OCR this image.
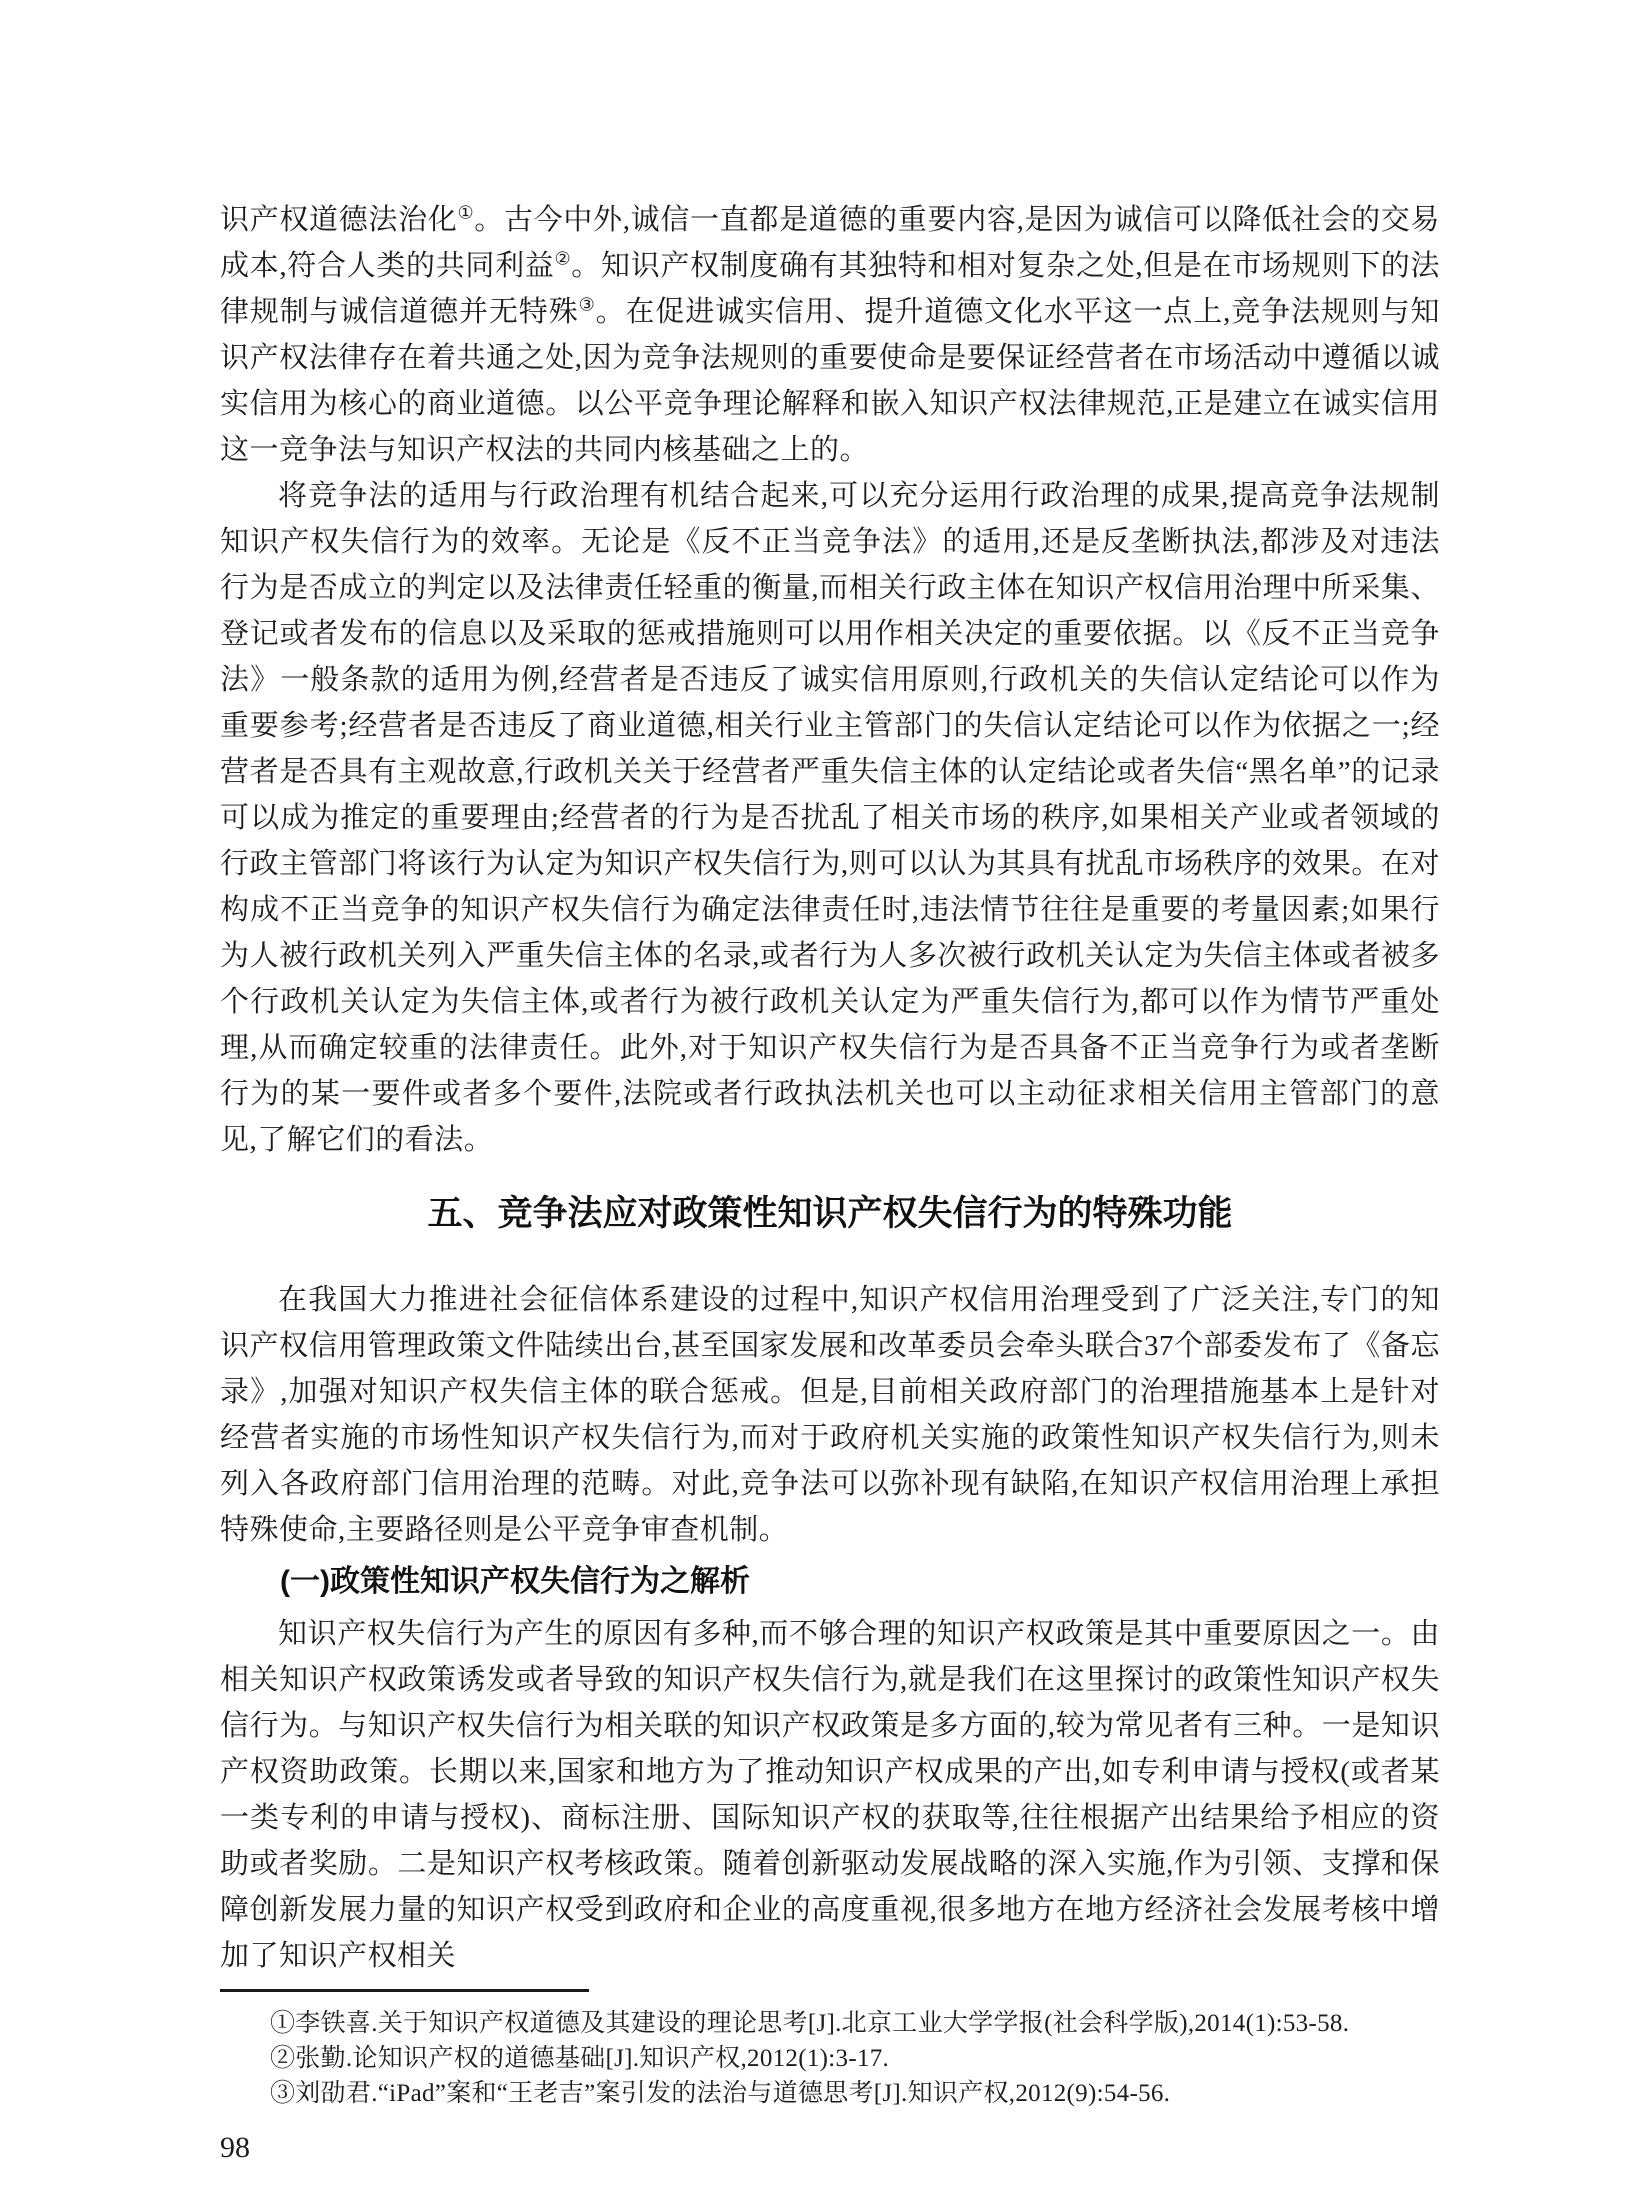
识产权道德法治化①。古今中外,诚信一直都是道德的重要内容,是因为诚信可以降低社会的交易成本,符合人类的共同利益②。知识产权制度确有其独特和相对复杂之处,但是在市场规则下的法律规制与诚信道德并无特殊③。在促进诚实信用、提升道德文化水平这一点上,竞争法规则与知识产权法律存在着共通之处,因为竞争法规则的重要使命是要保证经营者在市场活动中遵循以诚实信用为核心的商业道德。以公平竞争理论解释和嵌入知识产权法律规范,正是建立在诚实信用这一竞争法与知识产权法的共同内核基础之上的。

将竞争法的适用与行政治理有机结合起来,可以充分运用行政治理的成果,提高竞争法规制知识产权失信行为的效率。无论是《反不正当竞争法》的适用,还是反垄断执法,都涉及对违法行为是否成立的判定以及法律责任轻重的衡量,而相关行政主体在知识产权信用治理中所采集、登记或者发布的信息以及采取的惩戒措施则可以用作相关决定的重要依据。以《反不正当竞争法》一般条款的适用为例,经营者是否违反了诚实信用原则,行政机关的失信认定结论可以作为重要参考;经营者是否违反了商业道德,相关行业主管部门的失信认定结论可以作为依据之一;经营者是否具有主观故意,行政机关关于经营者严重失信主体的认定结论或者失信“黑名单”的记录可以成为推定的重要理由;经营者的行为是否扰乱了相关市场的秩序,如果相关产业或者领域的行政主管部门将该行为认定为知识产权失信行为,则可以认为其具有扰乱市场秩序的效果。在对构成不正当竞争的知识产权失信行为确定法律责任时,违法情节往往是重要的考量因素;如果行为人被行政机关列入严重失信主体的名录,或者行为人多次被行政机关认定为失信主体或者被多个行政机关认定为失信主体,或者行为被行政机关认定为严重失信行为,都可以作为情节严重处理,从而确定较重的法律责任。此外,对于知识产权失信行为是否具备不正当竞争行为或者垄断行为的某一要件或者多个要件,法院或者行政执法机关也可以主动征求相关信用主管部门的意见,了解它们的看法。

五、竞争法应对政策性知识产权失信行为的特殊功能

在我国大力推进社会征信体系建设的过程中,知识产权信用治理受到了广泛关注,专门的知识产权信用管理政策文件陆续出台,甚至国家发展和改革委员会牵头联合37个部委发布了《备忘录》,加强对知识产权失信主体的联合惩戒。但是,目前相关政府部门的治理措施基本上是针对经营者实施的市场性知识产权失信行为,而对于政府机关实施的政策性知识产权失信行为,则未列入各政府部门信用治理的范畴。对此,竞争法可以弥补现有缺陷,在知识产权信用治理上承担特殊使命,主要路径则是公平竞争审查机制。

(一)政策性知识产权失信行为之解析

知识产权失信行为产生的原因有多种,而不够合理的知识产权政策是其中重要原因之一。由相关知识产权政策诱发或者导致的知识产权失信行为,就是我们在这里探讨的政策性知识产权失信行为。与知识产权失信行为相关联的知识产权政策是多方面的,较为常见者有三种。一是知识产权资助政策。长期以来,国家和地方为了推动知识产权成果的产出,如专利申请与授权(或者某一类专利的申请与授权)、商标注册、国际知识产权的获取等,往往根据产出结果给予相应的资助或者奖励。二是知识产权考核政策。随着创新驱动发展战略的深入实施,作为引领、支撑和保障创新发展力量的知识产权受到政府和企业的高度重视,很多地方在地方经济社会发展考核中增加了知识产权相关

①李铁喜.关于知识产权道德及其建设的理论思考[J].北京工业大学学报(社会科学版),2014(1):53-58.

②张勤.论知识产权的道德基础[J].知识产权,2012(1):3-17.

③刘劭君.“iPad”案和“王老吉”案引发的法治与道德思考[J].知识产权,2012(9):54-56.

98
